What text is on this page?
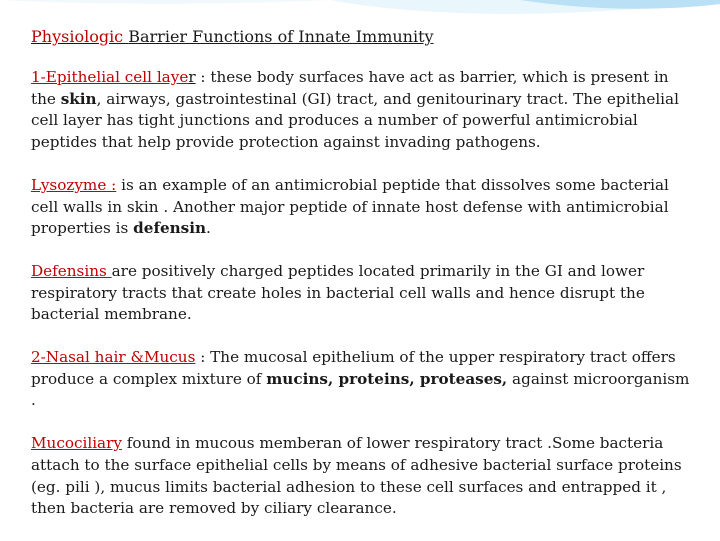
Physiologic Barrier Functions of Innate Immunity
1-Epithelial cell layer : these body surfaces have act as barrier, which is present in the skin, airways, gastrointestinal (GI) tract, and genitourinary tract. The epithelial cell layer has tight junctions and produces a number of powerful antimicrobial peptides that help provide protection against invading pathogens.
Lysozyme : is an example of an antimicrobial peptide that dissolves some bacterial cell walls in skin . Another major peptide of innate host defense with antimicrobial properties is defensin.
Defensins are positively charged peptides located primarily in the GI and lower respiratory tracts that create holes in bacterial cell walls and hence disrupt the bacterial membrane.
2-Nasal hair &Mucus : The mucosal epithelium of the upper respiratory tract offers produce a complex mixture of mucins, proteins, proteases, against microorganism .
Mucociliary found in mucous memberan of lower respiratory tract .Some bacteria attach to the surface epithelial cells by means of adhesive bacterial surface proteins (eg. pili ), mucus limits bacterial adhesion to these cell surfaces and entrapped it , then bacteria are removed by ciliary clearance.
